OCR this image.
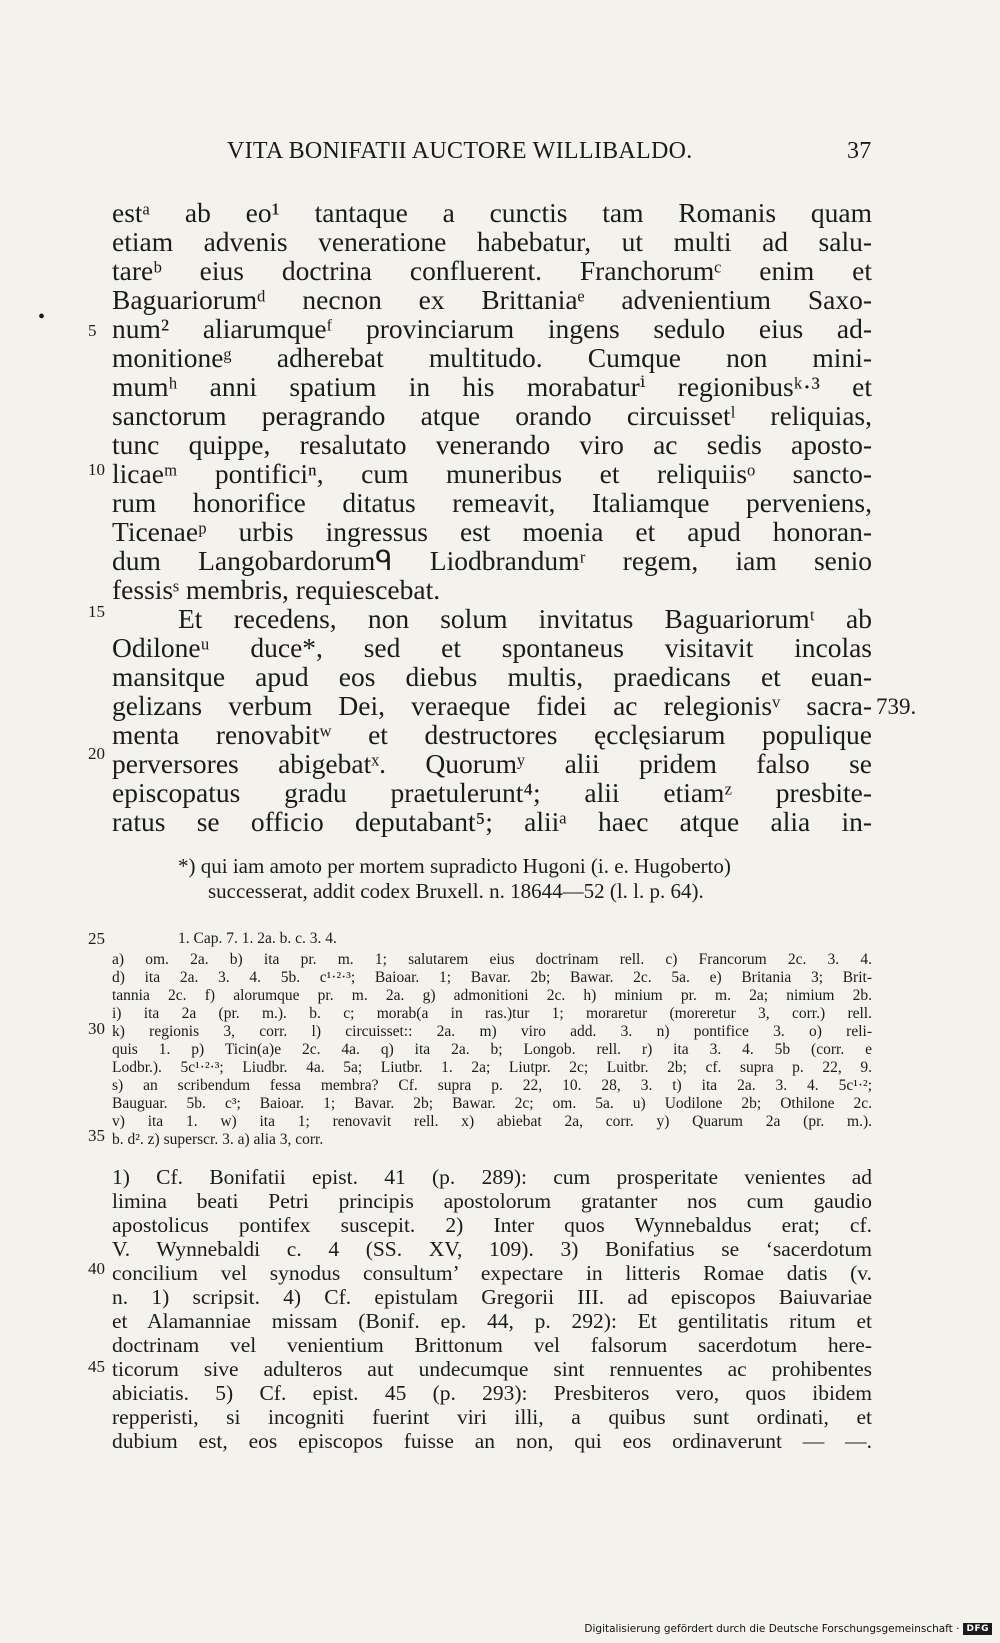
VITA BONIFATII AUCTORE WILLIBALDO.	37
•
5
10
15
20
25
30
35
40
45
739.
estᵃ ab eo¹ tantaque a cunctis tam Romanis quam
etiam advenis veneratione habebatur, ut multi ad salu-
tareᵇ eius doctrina confluerent. Franchorumᶜ enim et
Baguariorumᵈ necnon ex Brittaniaᵉ advenientium Saxo-
num² aliarumqueᶠ provinciarum ingens sedulo eius ad-
monitioneᵍ adherebat multitudo. Cumque non mini-
mumʰ anni spatium in his morabaturⁱ regionibusᵏ·³ et
sanctorum peragrando atque orando circuissetˡ reliquias,
tunc quippe, resalutato venerando viro ac sedis aposto-
licaeᵐ pontificiⁿ, cum muneribus et reliquiisᵒ sancto-
rum honorifice ditatus remeavit, Italiamque perveniens,
Ticenaeᵖ urbis ingressus est moenia et apud honoran-
dum Langobardorumᑫ Liodbrandumʳ regem, iam senio
fessisˢ membris, requiescebat.
Et recedens, non solum invitatus Baguariorumᵗ ab
Odiloneᵘ duce*, sed et spontaneus visitavit incolas
mansitque apud eos diebus multis, praedicans et euan-
gelizans verbum Dei, veraeque fidei ac relegionisᵛ sacra-
menta renovabitʷ et destructores ęcclęsiarum populique
perversores abigebatˣ. Quorumʸ alii pridem falso se
episcopatus gradu praetulerunt⁴; alii etiamᶻ presbite-
ratus se officio deputabant⁵; aliiᵃ haec atque alia in-
*) qui iam amoto per mortem supradicto Hugoni (i. e. Hugoberto)
successerat, addit codex Bruxell. n. 18644—52 (l. l. p. 64).
1. Cap. 7. 1. 2a. b. c. 3. 4.
a) om. 2a. b) ita pr. m. 1; salutarem eius doctrinam rell. c) Francorum 2c. 3. 4.
d) ita 2a. 3. 4. 5b. c¹·²·³; Baioar. 1; Bavar. 2b; Bawar. 2c. 5a. e) Britania 3; Brit-
tannia 2c. f) alorumque pr. m. 2a. g) admonitioni 2c. h) minium pr. m. 2a; nimium 2b.
i) ita 2a (pr. m.). b. c; morab(a in ras.)tur 1; moraretur (moreretur 3, corr.) rell.
k) regionis 3, corr. l) circuisset:: 2a. m) viro add. 3. n) pontifice 3. o) reli-
quis 1. p) Ticin(a)e 2c. 4a. q) ita 2a. b; Longob. rell. r) ita 3. 4. 5b (corr. e
Lodbr.). 5c¹·²·³; Liudbr. 4a. 5a; Liutbr. 1. 2a; Liutpr. 2c; Luitbr. 2b; cf. supra p. 22, 9.
s) an scribendum fessa membra? Cf. supra p. 22, 10. 28, 3. t) ita 2a. 3. 4. 5c¹·²;
Bauguar. 5b. c³; Baioar. 1; Bavar. 2b; Bawar. 2c; om. 5a. u) Uodilone 2b; Othilone 2c.
v) ita 1. w) ita 1; renovavit rell. x) abiebat 2a, corr. y) Quarum 2a (pr. m.).
b. d². z) superscr. 3. a) alia 3, corr.
1) Cf. Bonifatii epist. 41 (p. 289): cum prosperitate venientes ad
limina beati Petri principis apostolorum gratanter nos cum gaudio
apostolicus pontifex suscepit. 2) Inter quos Wynnebaldus erat; cf.
V. Wynnebaldi c. 4 (SS. XV, 109). 3) Bonifatius se ‘sacerdotum
concilium vel synodus consultum’ expectare in litteris Romae datis (v.
n. 1) scripsit. 4) Cf. epistulam Gregorii III. ad episcopos Baiuvariae
et Alamanniae missam (Bonif. ep. 44, p. 292): Et gentilitatis ritum et
doctrinam vel venientium Brittonum vel falsorum sacerdotum here-
ticorum sive adulteros aut undecumque sint rennuentes ac prohibentes
abiciatis. 5) Cf. epist. 45 (p. 293): Presbiteros vero, quos ibidem
repperisti, si incogniti fuerint viri illi, a quibus sunt ordinati, et
dubium est, eos episcopos fuisse an non, qui eos ordinaverunt — —.
Digitalisierung gefördert durch die Deutsche Forschungsgemeinschaft · DFG
